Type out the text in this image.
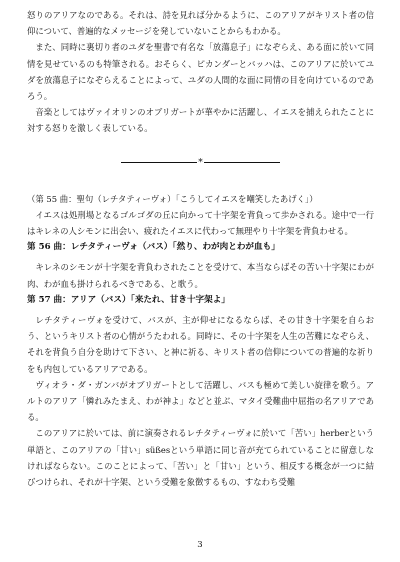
怒りのアリアなのである。それは、詩を見れば分かるように、このアリアがキリスト者の信仰について、普遍的なメッセージを発していないことからもわかる。

また、同時に裏切り者のユダを聖書で有名な「放蕩息子」になぞらえ、ある面に於いて同情を見せているのも特筆される。おそらく、ピカンダーとバッハは、このアリアに於いてユダを放蕩息子になぞらえることによって、ユダの人間的な面に同情の目を向けているのであろう。

音楽としてはヴァイオリンのオブリガートが華やかに活躍し、イエスを捕えられたことに対する怒りを激しく表している。

*

（第 55 曲：聖句（レチタティーヴォ）「こうしてイエスを嘲笑したあげく」）

イエスは処刑場となるゴルゴダの丘に向かって十字架を背負って歩かされる。途中で一行はキレネの人シモンに出会い、疲れたイエスに代わって無理やり十字架を背負わせる。

第 56 曲：レチタティーヴォ（バス）「然り、わが肉とわが血も」

キレネのシモンが十字架を背負わされたことを受けて、本当ならばその苦い十字架にわが肉、わが血も掛けられるべきである、と歌う。

第 57 曲：アリア（バス）「来たれ、甘き十字架よ」

レチタティーヴォを受けて、バスが、主が仰せになるならば、その甘き十字架を自らおう、というキリスト者の心情がうたわれる。同時に、その十字架を人生の苦難になぞらえ、それを背負う自分を助けて下さい、と神に祈る、キリスト者の信仰についての普遍的な祈りをも内包しているアリアである。

ヴィオラ・ダ・ガンバがオブリガートとして活躍し、バスも極めて美しい旋律を歌う。アルトのアリア「憐れみたまえ、わが神よ」などと並ぶ、マタイ受難曲中屈指の名アリアである。

このアリアに於いては、前に演奏されるレチタティーヴォに於いて「苦い」herberという単語と、このアリアの「甘い」süßesという単語に同じ音が充てられていることに留意しなければならない。このことによって、「苦い」と「甘い」という、相反する概念が一つに結びつけられ、それが十字架、という受難を象徴するもの、すなわち受難

3
